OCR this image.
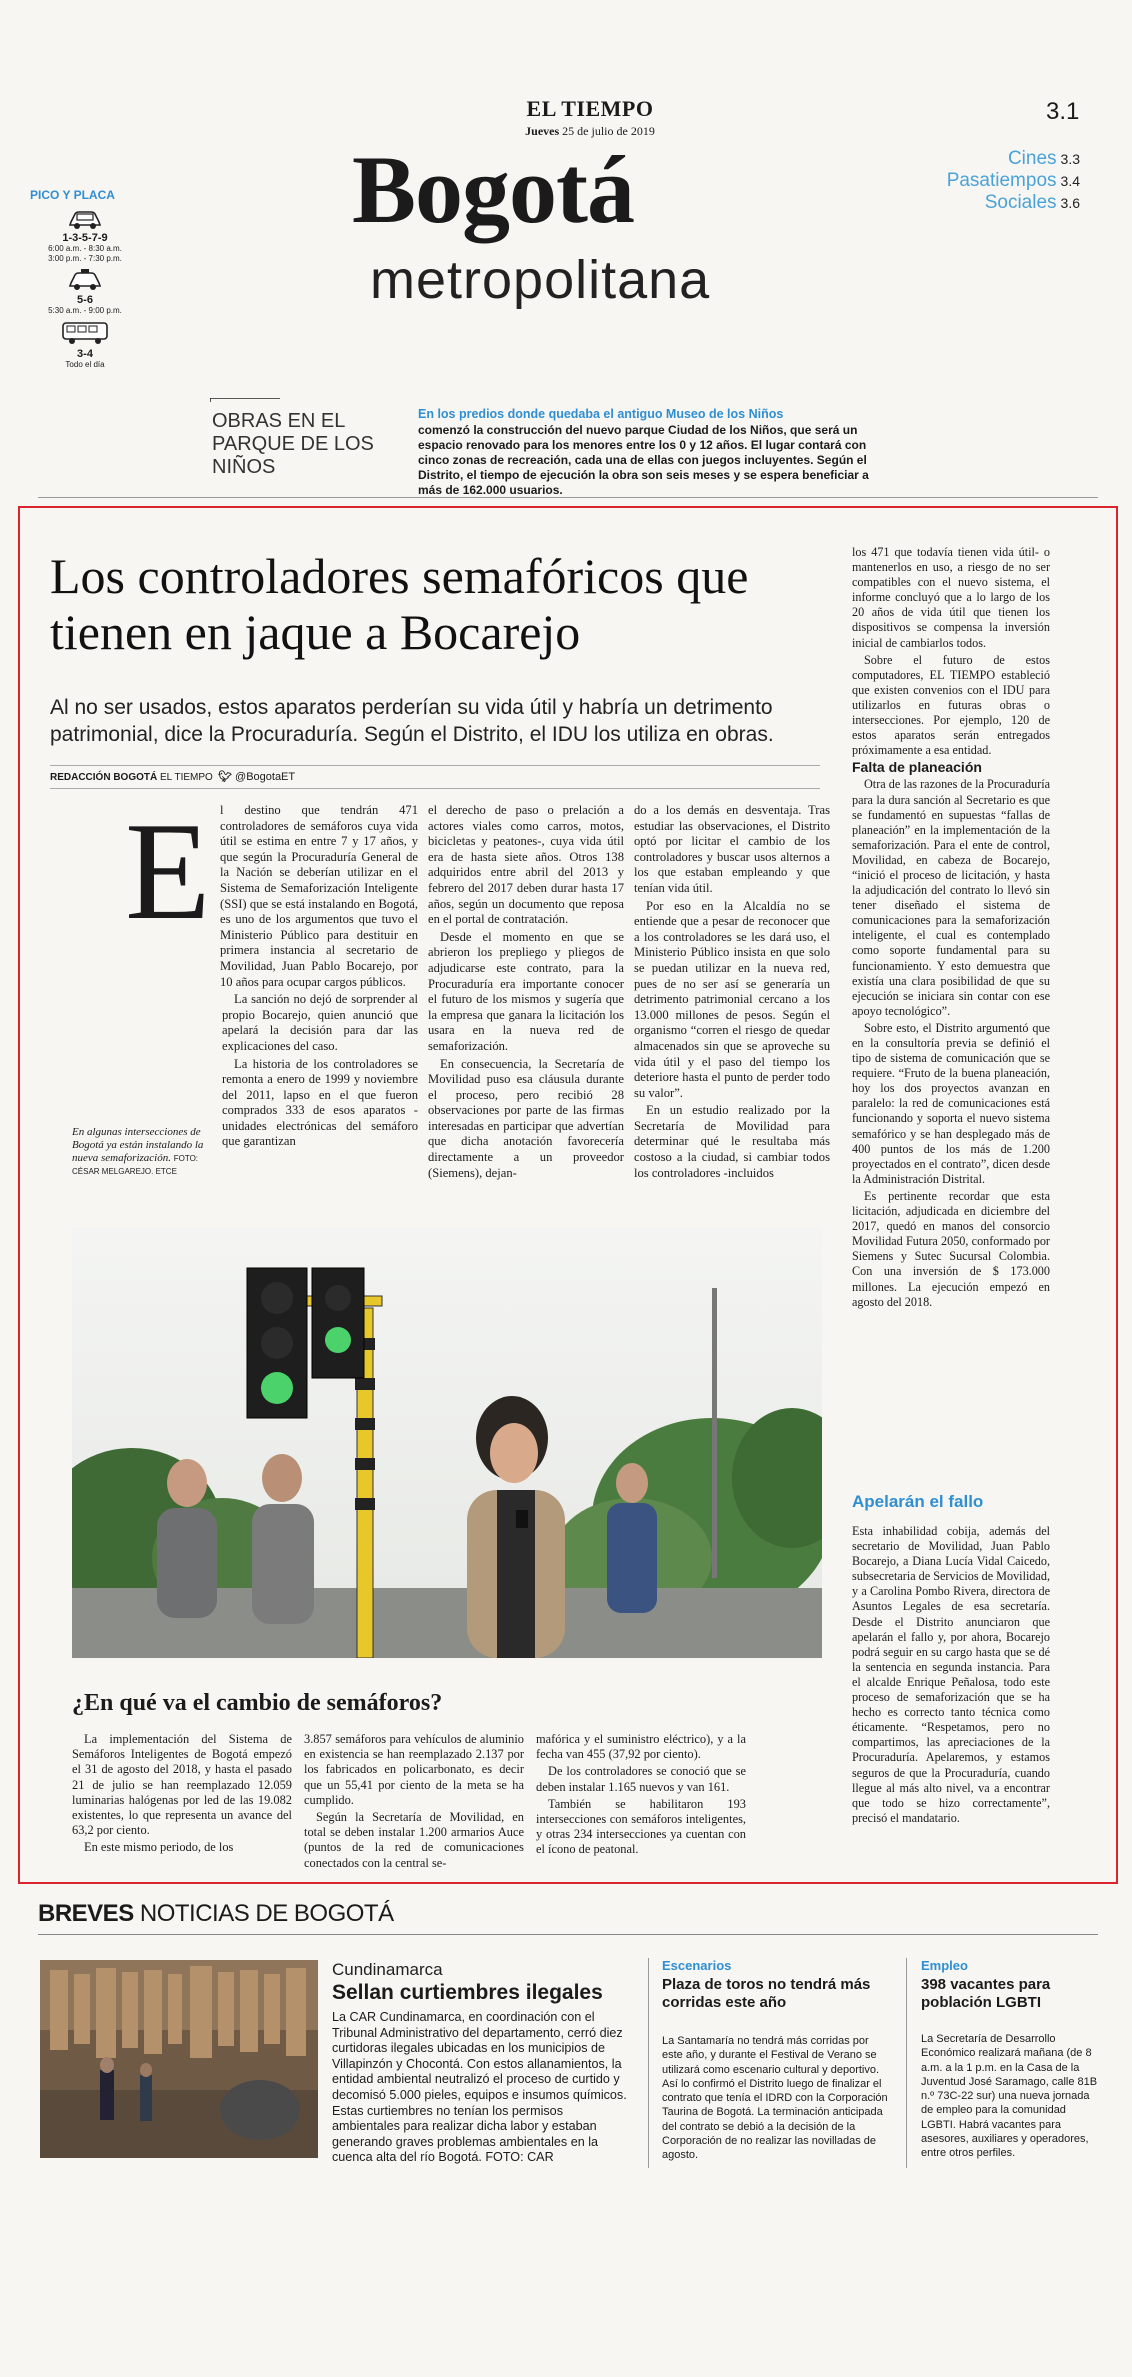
EL TIEMPO
Jueves 25 de julio de 2019
3.1
Bogotá
metropolitana
Cines 3.3
Pasatiempos 3.4
Sociales 3.6
PICO Y PLACA
1-3-5-7-9
6:00 a.m. - 8:30 a.m.
3:00 p.m. - 7:30 p.m.
5-6
5:30 a.m. - 9:00 p.m.
3-4
Todo el día
OBRAS EN EL PARQUE DE LOS NIÑOS
En los predios donde quedaba el antiguo Museo de los Niños
comenzó la construcción del nuevo parque Ciudad de los Niños, que será un espacio renovado para los menores entre los 0 y 12 años. El lugar contará con cinco zonas de recreación, cada una de ellas con juegos incluyentes. Según el Distrito, el tiempo de ejecución la obra son seis meses y se espera beneficiar a más de 162.000 usuarios.
Los controladores semafóricos que tienen en jaque a Bocarejo
Al no ser usados, estos aparatos perderían su vida útil y habría un detrimento patrimonial, dice la Procuraduría. Según el Distrito, el IDU los utiliza en obras.
REDACCIÓN BOGOTÁ EL TIEMPO 🐦︎ @BogotaET
E l destino que tendrán 471 controladores de semáforos cuya vida útil se estima en entre 7 y 17 años, y que según la Procuraduría General de la Nación se deberían utilizar en el Sistema de Semaforización Inteligente (SSI) que se está instalando en Bogotá, es uno de los argumentos que tuvo el Ministerio Público para destituir en primera instancia al secretario de Movilidad, Juan Pablo Bocarejo, por 10 años para ocupar cargos públicos.

La sanción no dejó de sorprender al propio Bocarejo, quien anunció que apelará la decisión para dar las explicaciones del caso.

La historia de los controladores se remonta a enero de 1999 y noviembre del 2011, lapso en el que fueron comprados 333 de esos aparatos -unidades electrónicas del semáforo que garantizan

el derecho de paso o prelación a actores viales como carros, motos, bicicletas y peatones-, cuya vida útil era de hasta siete años. Otros 138 adquiridos entre abril del 2013 y febrero del 2017 deben durar hasta 17 años, según un documento que reposa en el portal de contratación.

Desde el momento en que se abrieron los prepliego y pliegos de adjudicarse este contrato, para la Procuraduría era importante conocer el futuro de los mismos y sugería que la empresa que ganara la licitación los usara en la nueva red de semaforización.

En consecuencia, la Secretaría de Movilidad puso esa cláusula durante el proceso, pero recibió 28 observaciones por parte de las firmas interesadas en participar que advertían que dicha anotación favorecería directamente a un proveedor (Siemens), dejan-

do a los demás en desventaja. Tras estudiar las observaciones, el Distrito optó por licitar el cambio de los controladores y buscar usos alternos a los que estaban empleando y que tenían vida útil.

Por eso en la Alcaldía no se entiende que a pesar de reconocer que a los controladores se les dará uso, el Ministerio Público insista en que solo se puedan utilizar en la nueva red, pues de no ser así se generaría un detrimento patrimonial cercano a los 13.000 millones de pesos. Según el organismo “corren el riesgo de quedar almacenados sin que se aproveche su vida útil y el paso del tiempo los deteriore hasta el punto de perder todo su valor”.

En un estudio realizado por la Secretaría de Movilidad para determinar qué le resultaba más costoso a la ciudad, si cambiar todos los controladores -incluidos

los 471 que todavía tienen vida útil- o mantenerlos en uso, a riesgo de no ser compatibles con el nuevo sistema, el informe concluyó que a lo largo de los 20 años de vida útil que tienen los dispositivos se compensa la inversión inicial de cambiarlos todos.

Sobre el futuro de estos computadores, EL TIEMPO estableció que existen convenios con el IDU para utilizarlos en futuras obras o intersecciones. Por ejemplo, 120 de estos aparatos serán entregados próximamente a esa entidad.

Falta de planeación

Otra de las razones de la Procuraduría para la dura sanción al Secretario es que se fundamentó en supuestas “fallas de planeación” en la implementación de la semaforización. Para el ente de control, Movilidad, en cabeza de Bocarejo, “inició el proceso de licitación, y hasta la adjudicación del contrato lo llevó sin tener diseñado el sistema de comunicaciones para la semaforización inteligente, el cual es contemplado como soporte fundamental para su funcionamiento. Y esto demuestra que existía una clara posibilidad de que su ejecución se iniciara sin contar con ese apoyo tecnológico”.

Sobre esto, el Distrito argumentó que en la consultoría previa se definió el tipo de sistema de comunicación que se requiere. “Fruto de la buena planeación, hoy los dos proyectos avanzan en paralelo: la red de comunicaciones está funcionando y soporta el nuevo sistema semafórico y se han desplegado más de 400 puntos de los más de 1.200 proyectados en el contrato”, dicen desde la Administración Distrital.

Es pertinente recordar que esta licitación, adjudicada en diciembre del 2017, quedó en manos del consorcio Movilidad Futura 2050, conformado por Siemens y Sutec Sucursal Colombia. Con una inversión de $ 173.000 millones. La ejecución empezó en agosto del 2018.

Apelarán el fallo

Esta inhabilidad cobija, además del secretario de Movilidad, Juan Pablo Bocarejo, a Diana Lucía Vidal Caicedo, subsecretaria de Servicios de Movilidad, y a Carolina Pombo Rivera, directora de Asuntos Legales de esa secretaría. Desde el Distrito anunciaron que apelarán el fallo y, por ahora, Bocarejo podrá seguir en su cargo hasta que se dé la sentencia en segunda instancia. Para el alcalde Enrique Peñalosa, todo este proceso de semaforización que se ha hecho es correcto tanto técnica como éticamente. “Respetamos, pero no compartimos, las apreciaciones de la Procuraduría. Apelaremos, y estamos seguros de que la Procuraduría, cuando llegue al más alto nivel, va a encontrar que todo se hizo correctamente”, precisó el mandatario.

En algunas intersecciones de Bogotá ya están instalando la nueva semaforización. FOTO: CÉSAR MELGAREJO. ETCE
¿En qué va el cambio de semáforos?

La implementación del Sistema de Semáforos Inteligentes de Bogotá empezó el 31 de agosto del 2018, y hasta el pasado 21 de julio se han reemplazado 12.059 luminarias halógenas por led de las 19.082 existentes, lo que representa un avance del 63,2 por ciento.

En este mismo periodo, de los

3.857 semáforos para vehículos de aluminio en existencia se han reemplazado 2.137 por los fabricados en policarbonato, es decir que un 55,41 por ciento de la meta se ha cumplido.

Según la Secretaría de Movilidad, en total se deben instalar 1.200 armarios Auce (puntos de la red de comunicaciones conectados con la central se-

mafórica y el suministro eléctrico), y a la fecha van 455 (37,92 por ciento).

De los controladores se conoció que se deben instalar 1.165 nuevos y van 161.

También se habilitaron 193 intersecciones con semáforos inteligentes, y otras 234 intersecciones ya cuentan con el ícono de peatonal.

BREVES NOTICIAS DE BOGOTÁ
Cundinamarca
Sellan curtiembres ilegales
La CAR Cundinamarca, en coordinación con el Tribunal Administrativo del departamento, cerró diez curtidoras ilegales ubicadas en los municipios de Villapinzón y Chocontá. Con estos allanamientos, la entidad ambiental neutralizó el proceso de curtido y decomisó 5.000 pieles, equipos e insumos químicos. Estas curtiembres no tenían los permisos ambientales para realizar dicha labor y estaban generando graves problemas ambientales en la cuenca alta del río Bogotá. FOTO: CAR
Escenarios
Plaza de toros no tendrá más corridas este año
La Santamaría no tendrá más corridas por este año, y durante el Festival de Verano se utilizará como escenario cultural y deportivo. Así lo confirmó el Distrito luego de finalizar el contrato que tenía el IDRD con la Corporación Taurina de Bogotá. La terminación anticipada del contrato se debió a la decisión de la Corporación de no realizar las novilladas de agosto.
Empleo
398 vacantes para población LGBTI
La Secretaría de Desarrollo Económico realizará mañana (de 8 a.m. a la 1 p.m. en la Casa de la Juventud José Saramago, calle 81B n.º 73C-22 sur) una nueva jornada de empleo para la comunidad LGBTI. Habrá vacantes para asesores, auxiliares y operadores, entre otros perfiles.
